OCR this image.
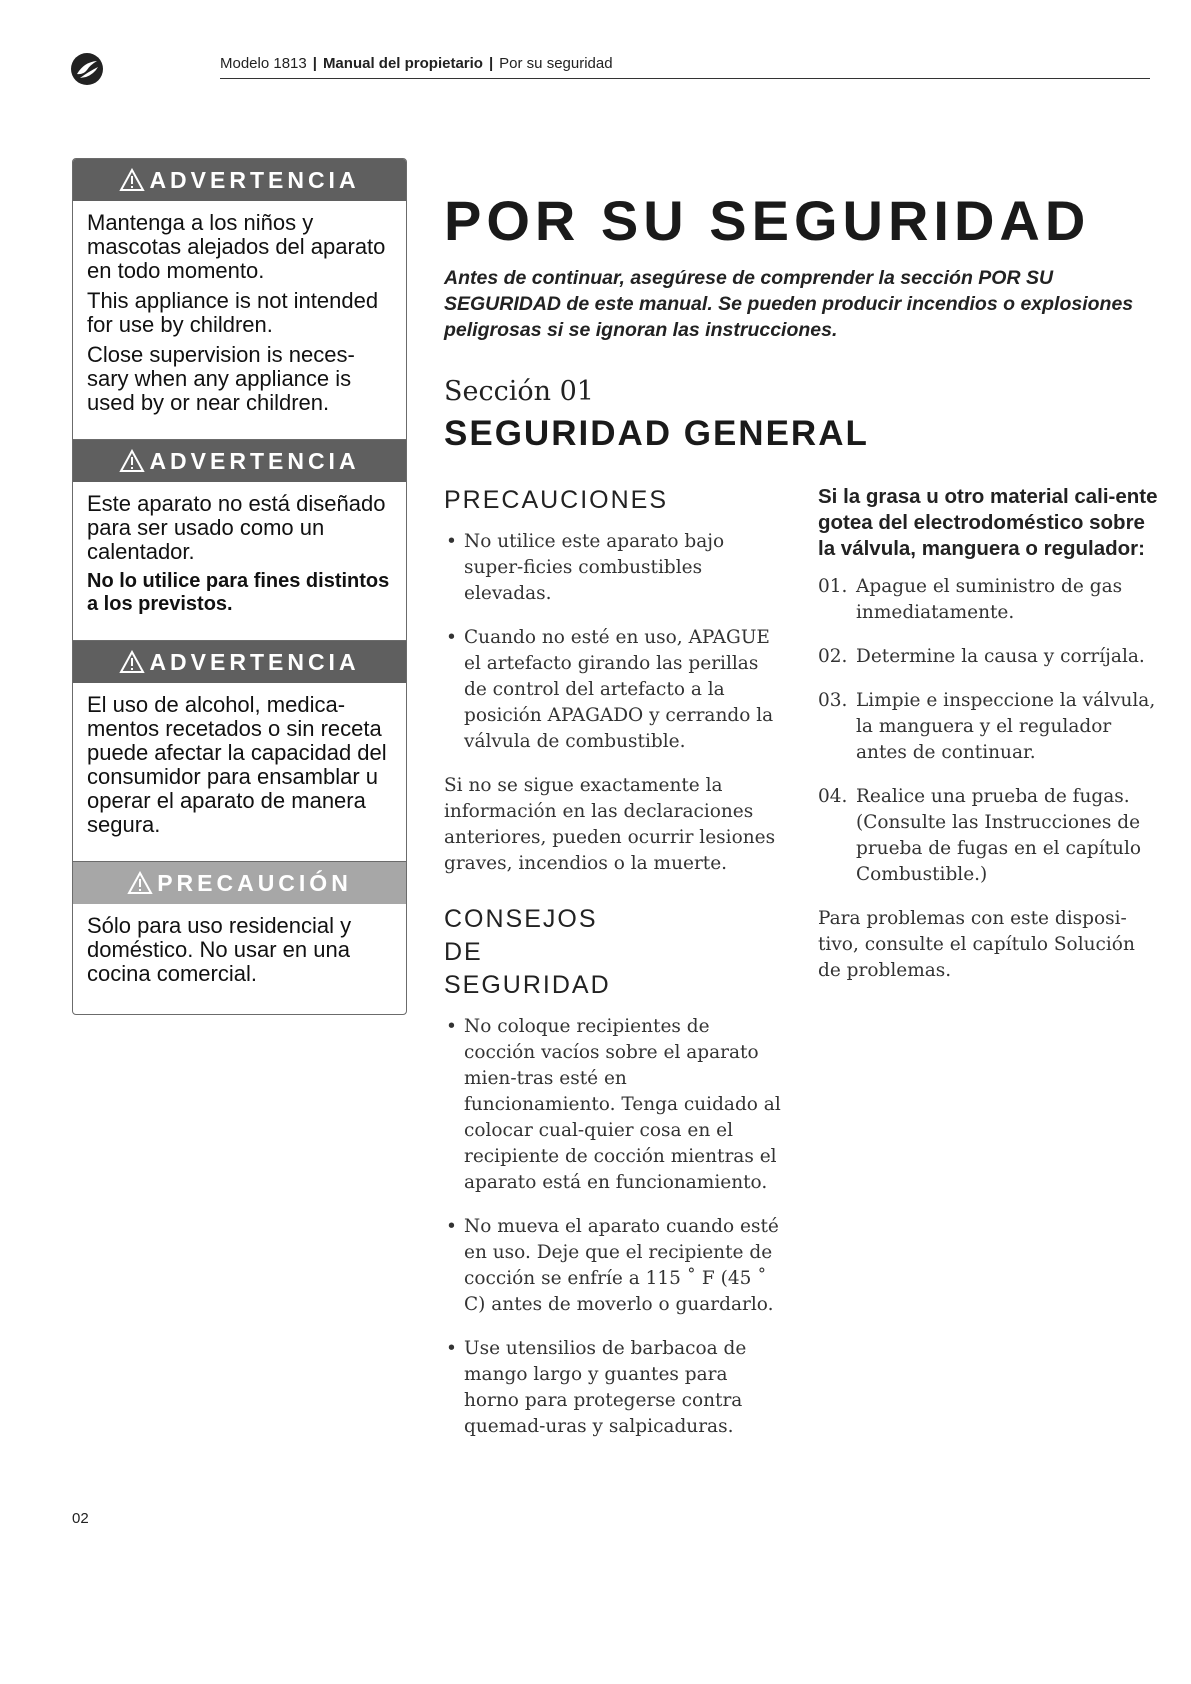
Modelo 1813 | Manual del propietario | Por su seguridad
ADVERTENCIA

Mantenga a los niños y mascotas alejados del aparato en todo momento.

This appliance is not intended for use by children.

Close supervision is neces-sary when any appliance is used by or near children.

ADVERTENCIA

Este aparato no está diseñado para ser usado como un calentador.

No lo utilice para fines distintos a los previstos.

ADVERTENCIA

El uso de alcohol, medica-mentos recetados o sin receta puede afectar la capacidad del consumidor para ensamblar u operar el aparato de manera segura.

PRECAUCIÓN

Sólo para uso residencial y doméstico. No usar en una cocina comercial.

POR SU SEGURIDAD

Antes de continuar, asegúrese de comprender la sección POR SU SEGURIDAD de este manual. Se pueden producir incendios o explosiones peligrosas si se ignoran las instrucciones.

Sección 01

SEGURIDAD GENERAL
PRECAUCIONES
• No utilice este aparato bajo super-ficies combustibles elevadas.
• Cuando no esté en uso, APAGUE el artefacto girando las perillas de control del artefacto a la posición APAGADO y cerrando la válvula de combustible.

Si no se sigue exactamente la información en las declaraciones anteriores, pueden ocurrir lesiones graves, incendios o la muerte.

CONSEJOS DE SEGURIDAD
• No coloque recipientes de cocción vacíos sobre el aparato mien-tras esté en funcionamiento. Tenga cuidado al colocar cual-quier cosa en el recipiente de cocción mientras el aparato está en funcionamiento.
• No mueva el aparato cuando esté en uso. Deje que el recipiente de cocción se enfríe a 115 ˚ F (45 ˚ C) antes de moverlo o guardarlo.
• Use utensilios de barbacoa de mango largo y guantes para horno para protegerse contra quemad-uras y salpicaduras.

Si la grasa u otro material cali-ente gotea del electrodoméstico sobre la válvula, manguera o regulador:

01. Apague el suministro de gas inmediatamente.
02. Determine la causa y corríjala.
03. Limpie e inspeccione la válvula, la manguera y el regulador antes de continuar.
04. Realice una prueba de fugas. (Consulte las Instrucciones de prueba de fugas en el capítulo Combustible.)

Para problemas con este disposi-tivo, consulte el capítulo Solución de problemas.

02
